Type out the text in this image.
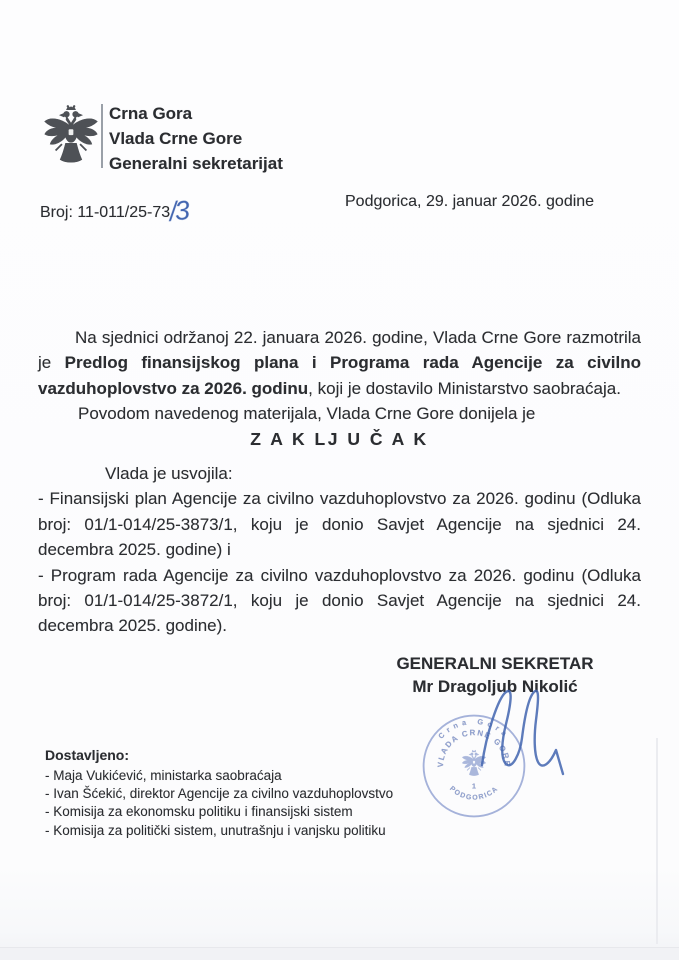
Crna Gora
Vlada Crne Gore
Generalni sekretarijat
Broj: 11-011/25-73/3	Podgorica, 29. januar 2026. godine

Na sjednici održanoj 22. januara 2026. godine, Vlada Crne Gore razmotrila je Predlog finansijskog plana i Programa rada Agencije za civilno vazduhoplovstvo za 2026. godinu, koji je dostavilo Ministarstvo saobraćaja.

Povodom navedenog materijala, Vlada Crne Gore donijela je

Z A K LJ U Č A K

Vlada je usvojila:

- Finansijski plan Agencije za civilno vazduhoplovstvo za 2026. godinu (Odluka broj: 01/1-014/25-3873/1, koju je donio Savjet Agencije na sjednici 24. decembra 2025. godine) i

- Program rada Agencije za civilno vazduhoplovstvo za 2026. godinu (Odluka broj: 01/1-014/25-3872/1, koju je donio Savjet Agencije na sjednici 24. decembra 2025. godine).

GENERALNI SEKRETAR
Mr Dragoljub Nikolić
Crna Gora
VLADA CRNE GORE
PODGORICA
1
Dostavljeno:
- Maja Vukićević, ministarka saobraćaja
- Ivan Šćekić, direktor Agencije za civilno vazduhoplovstvo
- Komisija za ekonomsku politiku i finansijski sistem
- Komisija za politički sistem, unutrašnju i vanjsku politiku
